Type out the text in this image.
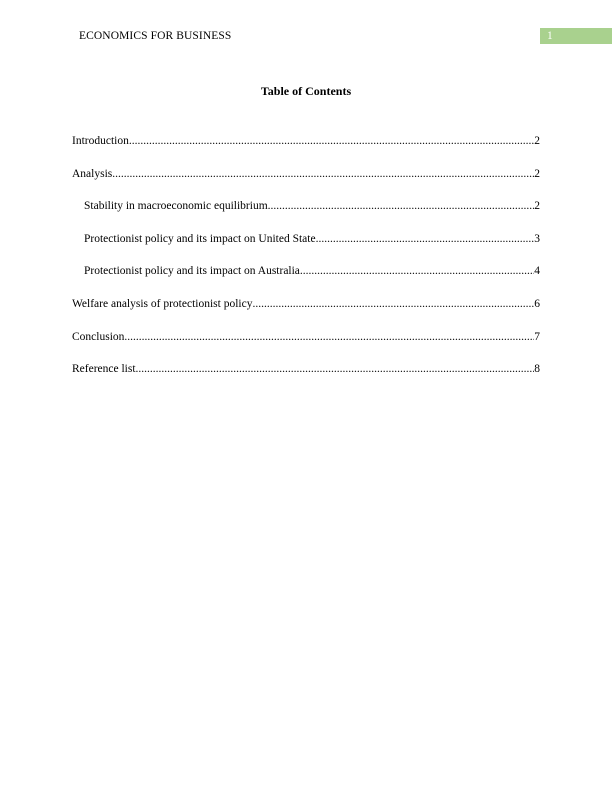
ECONOMICS FOR BUSINESS	1
Table of Contents
Introduction .....	2
Analysis .....	2
Stability in macroeconomic equilibrium .....	2
Protectionist policy and its impact on United State .....	3
Protectionist policy and its impact on Australia .....	4
Welfare analysis of protectionist policy .....	6
Conclusion .....	7
Reference list .....	8
